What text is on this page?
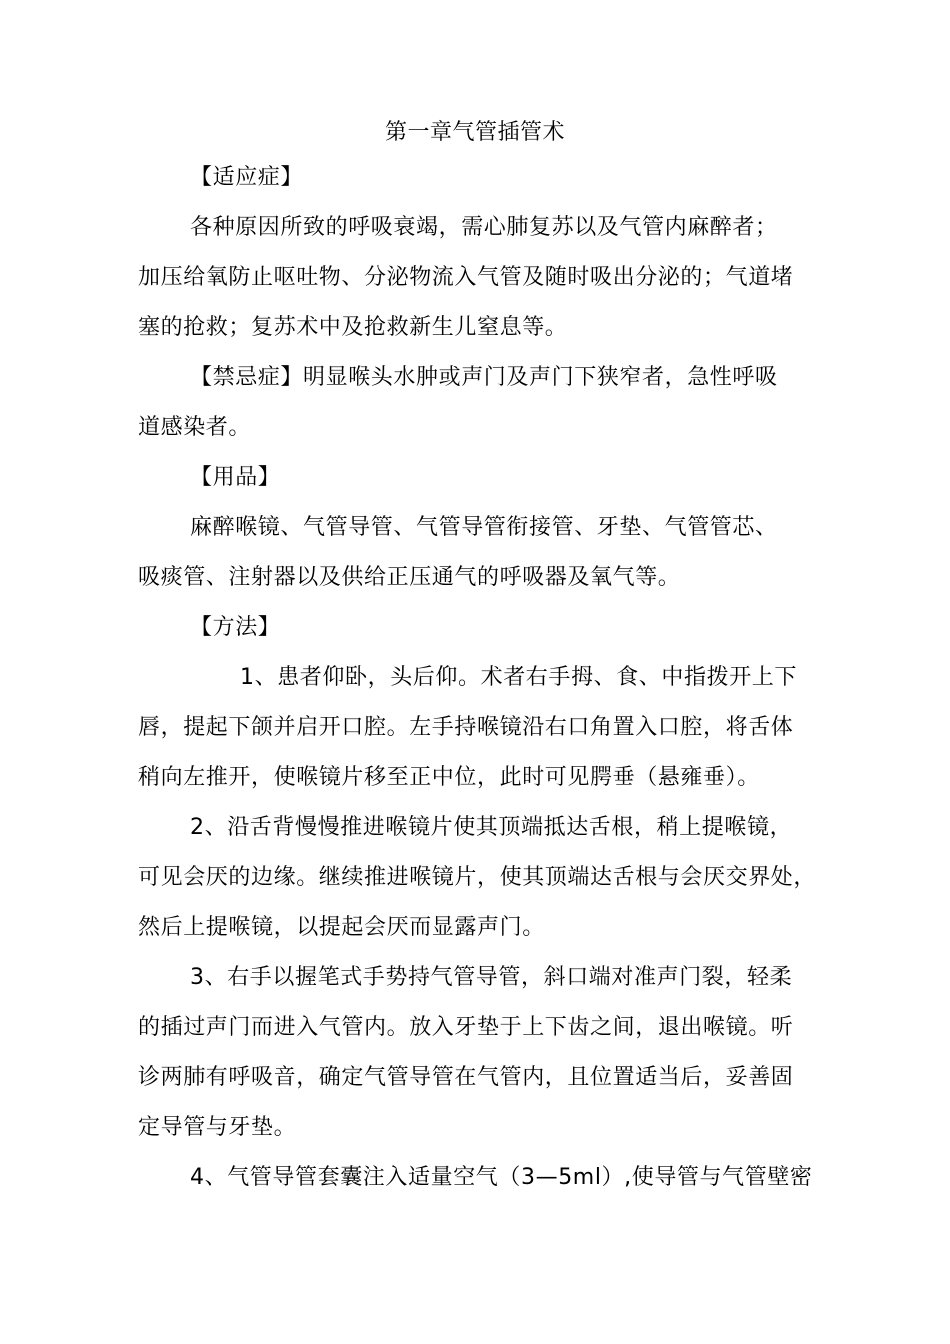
第一章气管插管术
【适应症】
各种原因所致的呼吸衰竭，需心肺复苏以及气管内麻醉者；
加压给氧防止呕吐物、分泌物流入气管及随时吸出分泌的；气道堵
塞的抢救；复苏术中及抢救新生儿窒息等。
【禁忌症】明显喉头水肿或声门及声门下狭窄者，急性呼吸
道感染者。
【用品】
麻醉喉镜、气管导管、气管导管衔接管、牙垫、气管管芯、
吸痰管、注射器以及供给正压通气的呼吸器及氧气等。
【方法】
1、患者仰卧，头后仰。术者右手拇、食、中指拨开上下
唇，提起下颌并启开口腔。左手持喉镜沿右口角置入口腔，将舌体
稍向左推开，使喉镜片移至正中位，此时可见腭垂（悬雍垂）。
2、沿舌背慢慢推进喉镜片使其顶端抵达舌根，稍上提喉镜，
可见会厌的边缘。继续推进喉镜片，使其顶端达舌根与会厌交界处，
然后上提喉镜，以提起会厌而显露声门。
3、右手以握笔式手势持气管导管，斜口端对准声门裂，轻柔
的插过声门而进入气管内。放入牙垫于上下齿之间，退出喉镜。听
诊两肺有呼吸音，确定气管导管在气管内，且位置适当后，妥善固
定导管与牙垫。
4、气管导管套囊注入适量空气（3—5ml）,使导管与气管壁密
